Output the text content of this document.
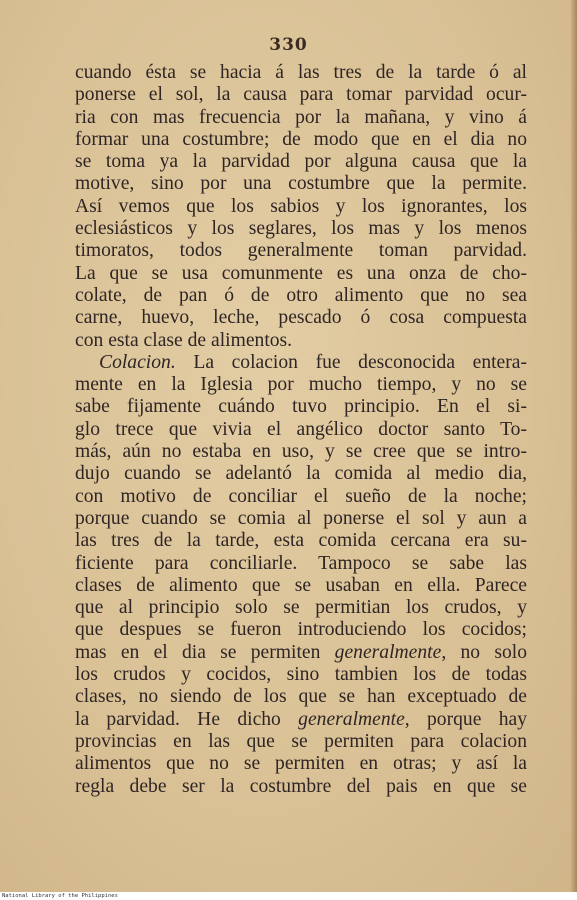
330
cuando ésta se hacia á las tres de la tarde ó al
ponerse el sol, la causa para tomar parvidad ocur-
ria con mas frecuencia por la mañana, y vino á
formar una costumbre; de modo que en el dia no
se toma ya la parvidad por alguna causa que la
motive, sino por una costumbre que la permite.
Así vemos que los sabios y los ignorantes, los
eclesiásticos y los seglares, los mas y los menos
timoratos, todos generalmente toman parvidad.
La que se usa comunmente es una onza de cho-
colate, de pan ó de otro alimento que no sea
carne, huevo, leche, pescado ó cosa compuesta
con esta clase de alimentos.
Colacion. La colacion fue desconocida entera-
mente en la Iglesia por mucho tiempo, y no se
sabe fijamente cuándo tuvo principio. En el si-
glo trece que vivia el angélico doctor santo To-
más, aún no estaba en uso, y se cree que se intro-
dujo cuando se adelantó la comida al medio dia,
con motivo de conciliar el sueño de la noche;
porque cuando se comia al ponerse el sol y aun a
las tres de la tarde, esta comida cercana era su-
ficiente para conciliarle. Tampoco se sabe las
clases de alimento que se usaban en ella. Parece
que al principio solo se permitian los crudos, y
que despues se fueron introduciendo los cocidos;
mas en el dia se permiten generalmente, no solo
los crudos y cocidos, sino tambien los de todas
clases, no siendo de los que se han exceptuado de
la parvidad. He dicho generalmente, porque hay
provincias en las que se permiten para colacion
alimentos que no se permiten en otras; y así la
regla debe ser la costumbre del pais en que se
National Library of the Philippines
